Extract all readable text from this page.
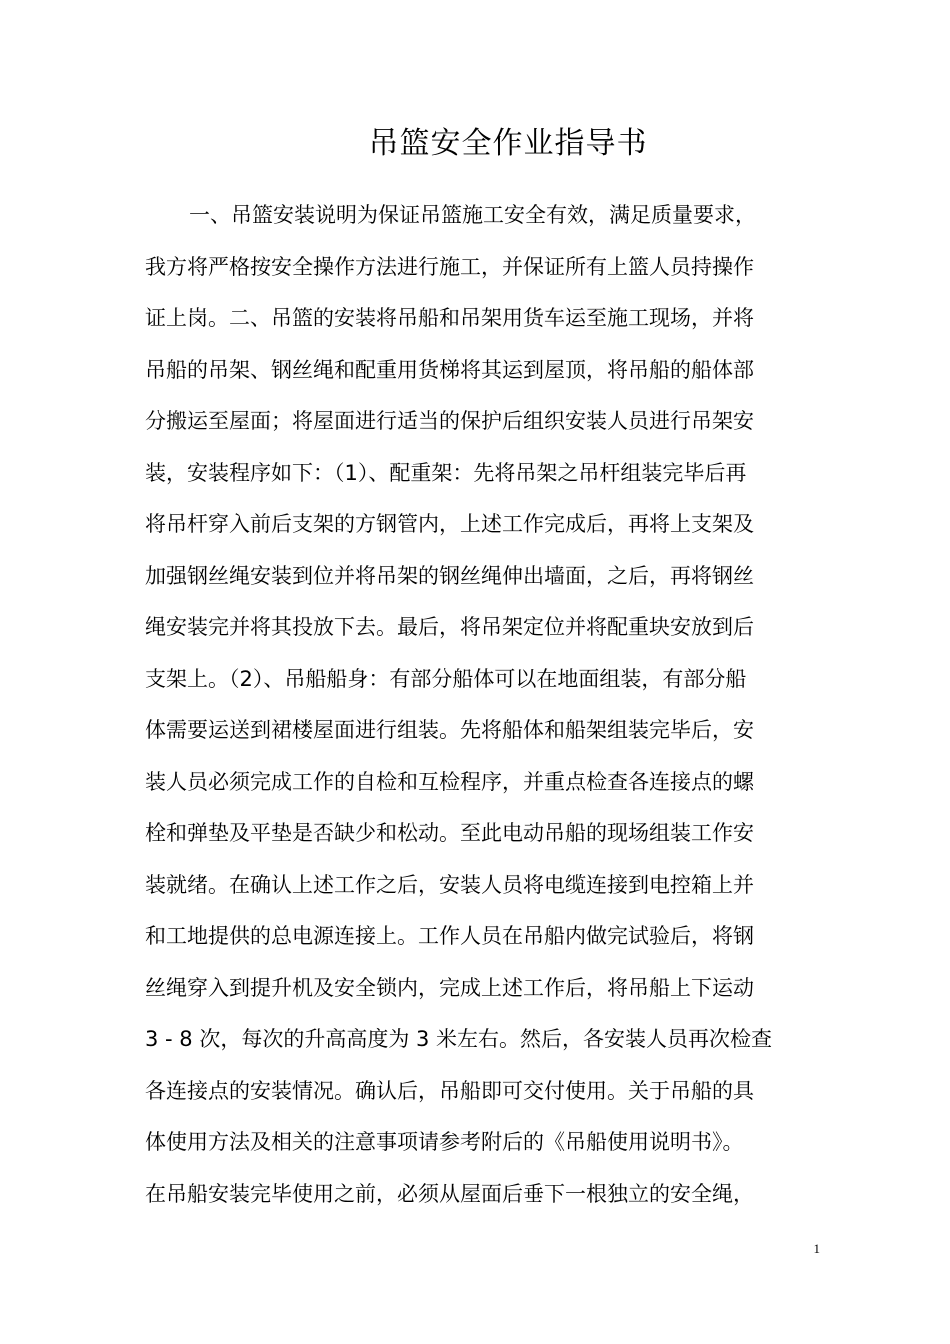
吊篮安全作业指导书
一、吊篮安装说明为保证吊篮施工安全有效，满足质量要求，
我方将严格按安全操作方法进行施工，并保证所有上篮人员持操作
证上岗。二、吊篮的安装将吊船和吊架用货车运至施工现场，并将
吊船的吊架、钢丝绳和配重用货梯将其运到屋顶，将吊船的船体部
分搬运至屋面；将屋面进行适当的保护后组织安装人员进行吊架安
装，安装程序如下：（1）、配重架：先将吊架之吊杆组装完毕后再
将吊杆穿入前后支架的方钢管内，上述工作完成后，再将上支架及
加强钢丝绳安装到位并将吊架的钢丝绳伸出墙面，之后，再将钢丝
绳安装完并将其投放下去。最后，将吊架定位并将配重块安放到后
支架上。（2）、吊船船身：有部分船体可以在地面组装，有部分船
体需要运送到裙楼屋面进行组装。先将船体和船架组装完毕后，安
装人员必须完成工作的自检和互检程序，并重点检查各连接点的螺
栓和弹垫及平垫是否缺少和松动。至此电动吊船的现场组装工作安
装就绪。在确认上述工作之后，安装人员将电缆连接到电控箱上并
和工地提供的总电源连接上。工作人员在吊船内做完试验后，将钢
丝绳穿入到提升机及安全锁内，完成上述工作后，将吊船上下运动
3 - 8 次，每次的升高高度为 3 米左右。然后，各安装人员再次检查
各连接点的安装情况。确认后，吊船即可交付使用。关于吊船的具
体使用方法及相关的注意事项请参考附后的《吊船使用说明书》。
在吊船安装完毕使用之前，必须从屋面后垂下一根独立的安全绳，
1
